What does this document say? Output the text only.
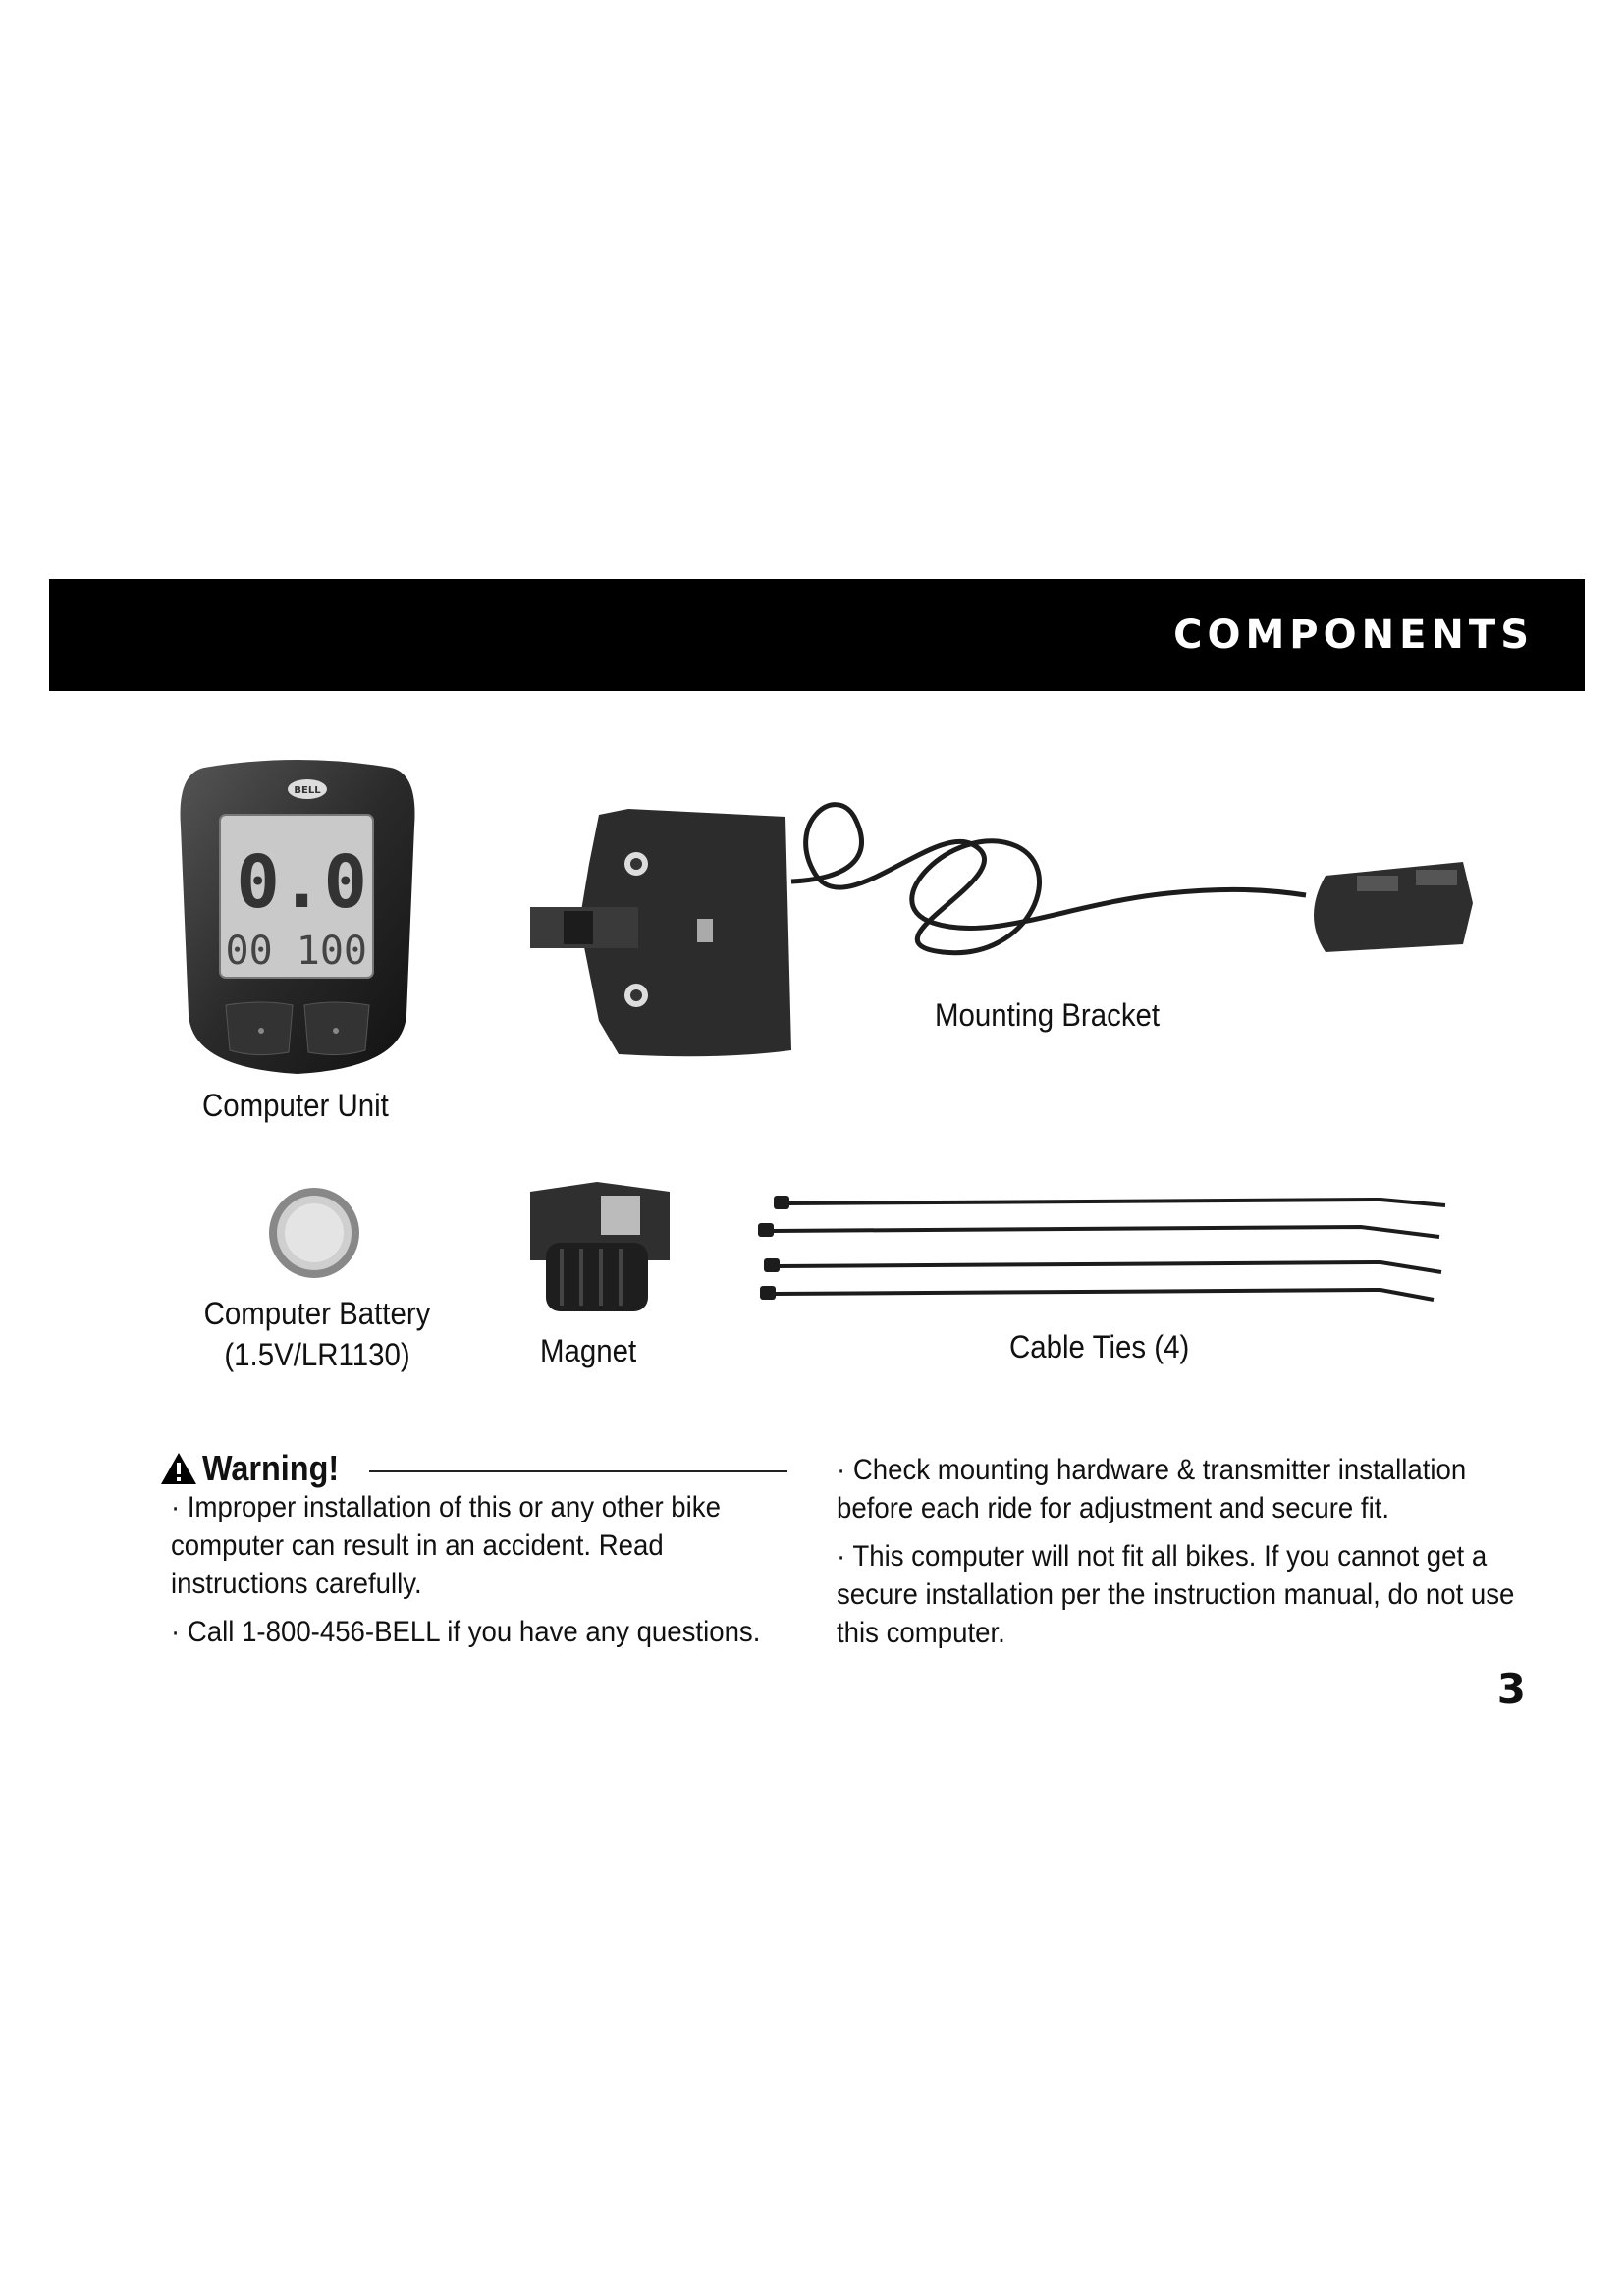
COMPONENTS
BELL
0.0
00 100
Computer Unit
Mounting Bracket
Computer Battery
(1.5V/LR1130)	Magnet	Cable Ties (4)
Warning!

· Improper installation of this or any other bike computer can result in an accident. Read instructions carefully.

· Call 1-800-456-BELL if you have any questions.

· Check mounting hardware & transmitter installation before each ride for adjustment and secure fit.

· This computer will not fit all bikes. If you cannot get a secure installation per the instruction manual, do not use this computer.

3
